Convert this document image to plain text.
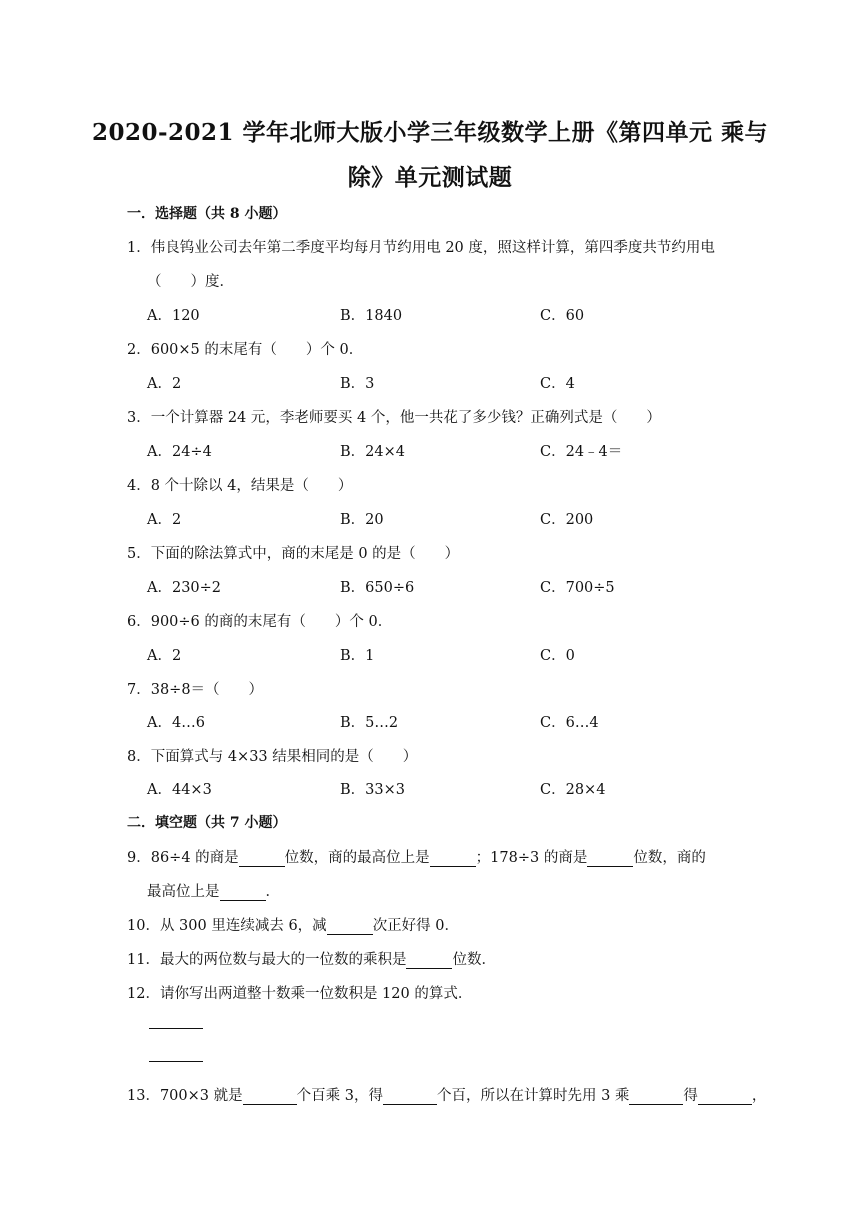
2020-2021 学年北师大版小学三年级数学上册《第四单元 乘与
除》单元测试题
一．选择题（共 8 小题）
1．伟良钨业公司去年第二季度平均每月节约用电 20 度，照这样计算，第四季度共节约用电
（　　）度．
A．120	B．1840	C．60
2．600×5 的末尾有（　　）个 0．
A．2	B．3	C．4
3．一个计算器 24 元，李老师要买 4 个，他一共花了多少钱？正确列式是（　　）
A．24÷4	B．24×4	C．24﹣4＝
4．8 个十除以 4，结果是（　　）
A．2	B．20	C．200
5．下面的除法算式中，商的末尾是 0 的是（　　）
A．230÷2	B．650÷6	C．700÷5
6．900÷6 的商的末尾有（　　）个 0．
A．2	B．1	C．0
7．38÷8＝（　　）
A．4…6	B．5…2	C．6…4
8．下面算式与 4×33 结果相同的是（　　）
A．44×3	B．33×3	C．28×4
二．填空题（共 7 小题）
9．86÷4 的商是	位数，商的最高位上是	；178÷3 的商是	位数，商的
最高位上是	．
10．从 300 里连续减去 6，减	次正好得 0．
11．最大的两位数与最大的一位数的乘积是	位数．
12．请你写出两道整十数乘一位数积是 120 的算式．
13．700×3 就是	个百乘 3，得	个百，所以在计算时先用 3 乘	得	，
